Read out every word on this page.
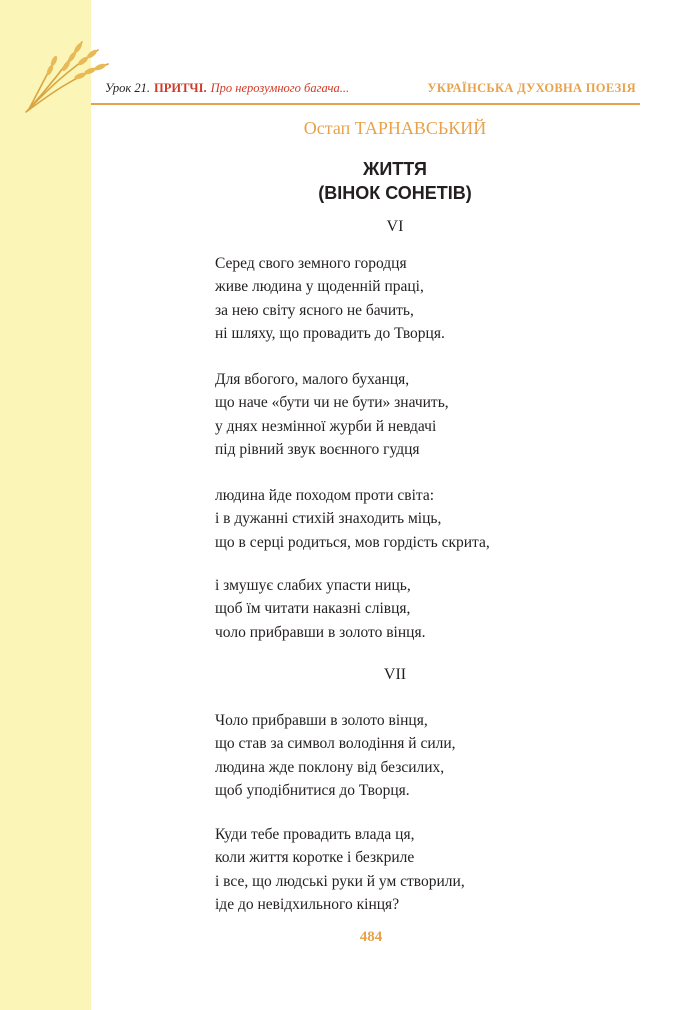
Урок 21. ПРИТЧІ. Про нерозумного багача...	УКРАЇНСЬКА ДУХОВНА ПОЕЗІЯ
Остап ТАРНАВСЬКИЙ
ЖИТТЯ
(ВІНОК СОНЕТІВ)
VI
Серед свого земного городця
живе людина у щоденній праці,
за нею світу ясного не бачить,
ні шляху, що провадить до Творця.
Для вбогого, малого буханця,
що наче «бути чи не бути» значить,
у днях незмінної журби й невдачі
під рівний звук воєнного гудця
людина йде походом проти світа:
і в дужанні стихій знаходить міць,
що в серці родиться, мов гордість скрита,
і змушує слабих упасти ниць,
щоб їм читати наказні слівця,
чоло прибравши в золото вінця.
VII
Чоло прибравши в золото вінця,
що став за символ володіння й сили,
людина жде поклону від безсилих,
щоб уподібнитися до Творця.
Куди тебе провадить влада ця,
коли життя коротке і безкриле
і все, що людські руки й ум створили,
іде до невідхильного кінця?
484
